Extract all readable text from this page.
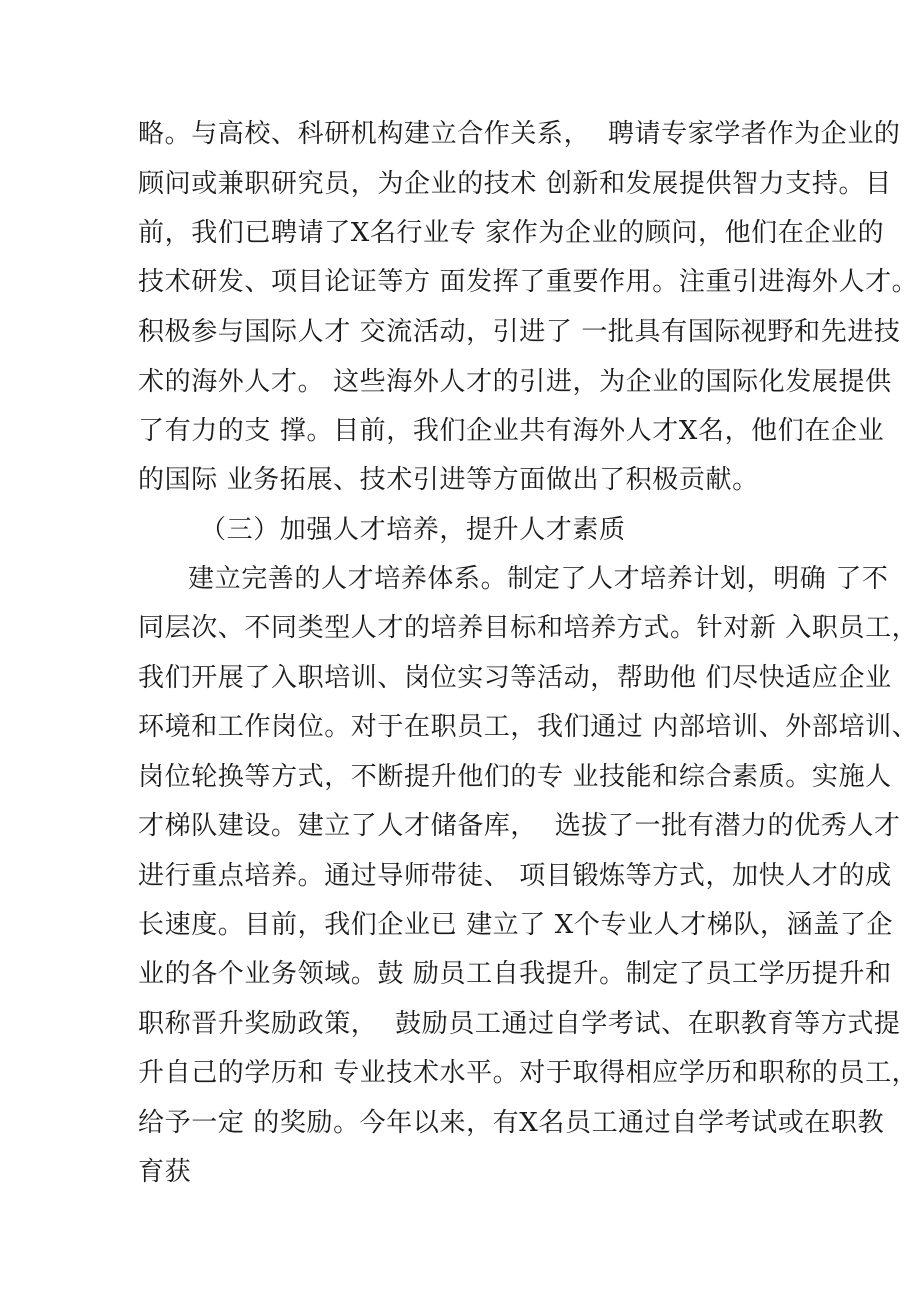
略。与高校、科研机构建立合作关系，  聘请专家学者作为企业的
顾问或兼职研究员，为企业的技术 创新和发展提供智力支持。目
前，我们已聘请了X名行业专 家作为企业的顾问，他们在企业的
技术研发、项目论证等方 面发挥了重要作用。注重引进海外人才。
积极参与国际人才 交流活动，引进了 一批具有国际视野和先进技
术的海外人才。 这些海外人才的引进，为企业的国际化发展提供
了有力的支 撑。目前，我们企业共有海外人才X名，他们在企业
的国际 业务拓展、技术引进等方面做出了积极贡献。
（三）加强人才培养，提升人才素质
建立完善的人才培养体系。制定了人才培养计划，明确 了不
同层次、不同类型人才的培养目标和培养方式。针对新 入职员工，
我们开展了入职培训、岗位实习等活动，帮助他 们尽快适应企业
环境和工作岗位。对于在职员工，我们通过 内部培训、外部培训、
岗位轮换等方式，不断提升他们的专 业技能和综合素质。实施人
才梯队建设。建立了人才储备库，  选拔了一批有潜力的优秀人才
进行重点培养。通过导师带徒、 项目锻炼等方式，加快人才的成
长速度。目前，我们企业已 建立了 X个专业人才梯队，涵盖了企
业的各个业务领域。鼓 励员工自我提升。制定了员工学历提升和
职称晋升奖励政策，  鼓励员工通过自学考试、在职教育等方式提
升自己的学历和 专业技术水平。对于取得相应学历和职称的员工，
给予一定 的奖励。今年以来，有X名员工通过自学考试或在职教
育获
